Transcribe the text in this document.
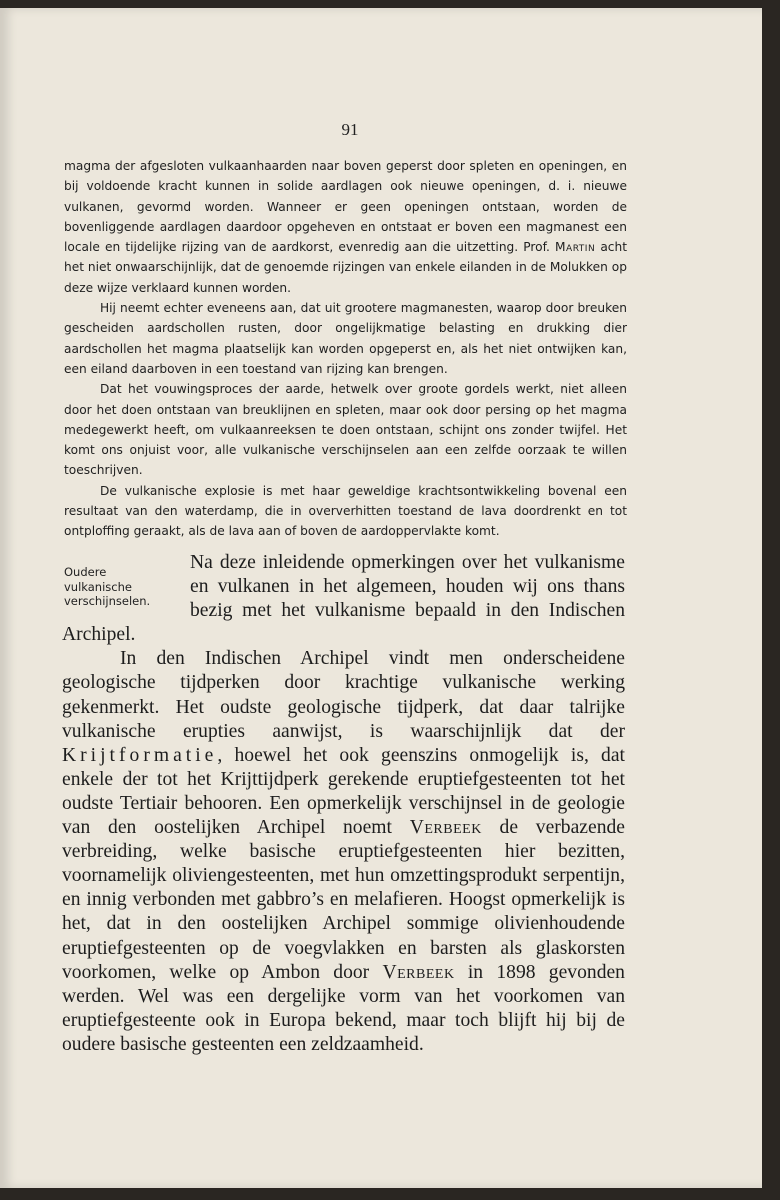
91

magma der afgesloten vulkaanhaarden naar boven geperst door spleten en openingen, en bij voldoende kracht kunnen in solide aardlagen ook nieuwe openingen, d. i. nieuwe vulkanen, gevormd worden. Wanneer er geen openingen ontstaan, worden de bovenliggende aardlagen daardoor opgeheven en ontstaat er boven een magmanest een locale en tijdelijke rijzing van de aardkorst, evenredig aan die uitzetting. Prof. Martin acht het niet onwaarschijnlijk, dat de genoemde rijzingen van enkele eilanden in de Molukken op deze wijze verklaard kunnen worden.

Hij neemt echter eveneens aan, dat uit grootere magmanesten, waarop door breuken gescheiden aardschollen rusten, door ongelijkmatige belasting en drukking dier aardschollen het magma plaatselijk kan worden opgeperst en, als het niet ontwijken kan, een eiland daarboven in een toestand van rijzing kan brengen.

Dat het vouwingsproces der aarde, hetwelk over groote gordels werkt, niet alleen door het doen ontstaan van breuklijnen en spleten, maar ook door persing op het magma medegewerkt heeft, om vulkaanreeksen te doen ontstaan, schijnt ons zonder twijfel. Het komt ons onjuist voor, alle vulkanische verschijnselen aan een zelfde oorzaak te willen toeschrijven.

De vulkanische explosie is met haar geweldige krachtsontwikkeling bovenal een resultaat van den waterdamp, die in oververhitten toestand de lava doordrenkt en tot ontploffing geraakt, als de lava aan of boven de aardoppervlakte komt.

Oudere vulkanische verschijnselen.

Na deze inleidende opmerkingen over het vulkanisme en vulkanen in het algemeen, houden wij ons thans bezig met het vulkanisme bepaald in den Indischen Archipel.

In den Indischen Archipel vindt men onderscheidene geologische tijdperken door krachtige vulkanische werking gekenmerkt. Het oudste geologische tijdperk, dat daar talrijke vulkanische erupties aanwijst, is waarschijnlijk dat der Krijtformatie, hoewel het ook geenszins onmogelijk is, dat enkele der tot het Krijttijdperk gerekende eruptiefgesteenten tot het oudste Tertiair behooren. Een opmerkelijk verschijnsel in de geologie van den oostelijken Archipel noemt Verbeek de verbazende verbreiding, welke basische eruptiefgesteenten hier bezitten, voornamelijk oliviengesteenten, met hun omzettingsprodukt serpentijn, en innig verbonden met gabbro’s en melafieren. Hoogst opmerkelijk is het, dat in den oostelijken Archipel sommige olivienhoudende eruptiefgesteenten op de voegvlakken en barsten als glaskorsten voorkomen, welke op Ambon door Verbeek in 1898 gevonden werden. Wel was een dergelijke vorm van het voorkomen van eruptiefgesteente ook in Europa bekend, maar toch blijft hij bij de oudere basische gesteenten een zeldzaamheid.
